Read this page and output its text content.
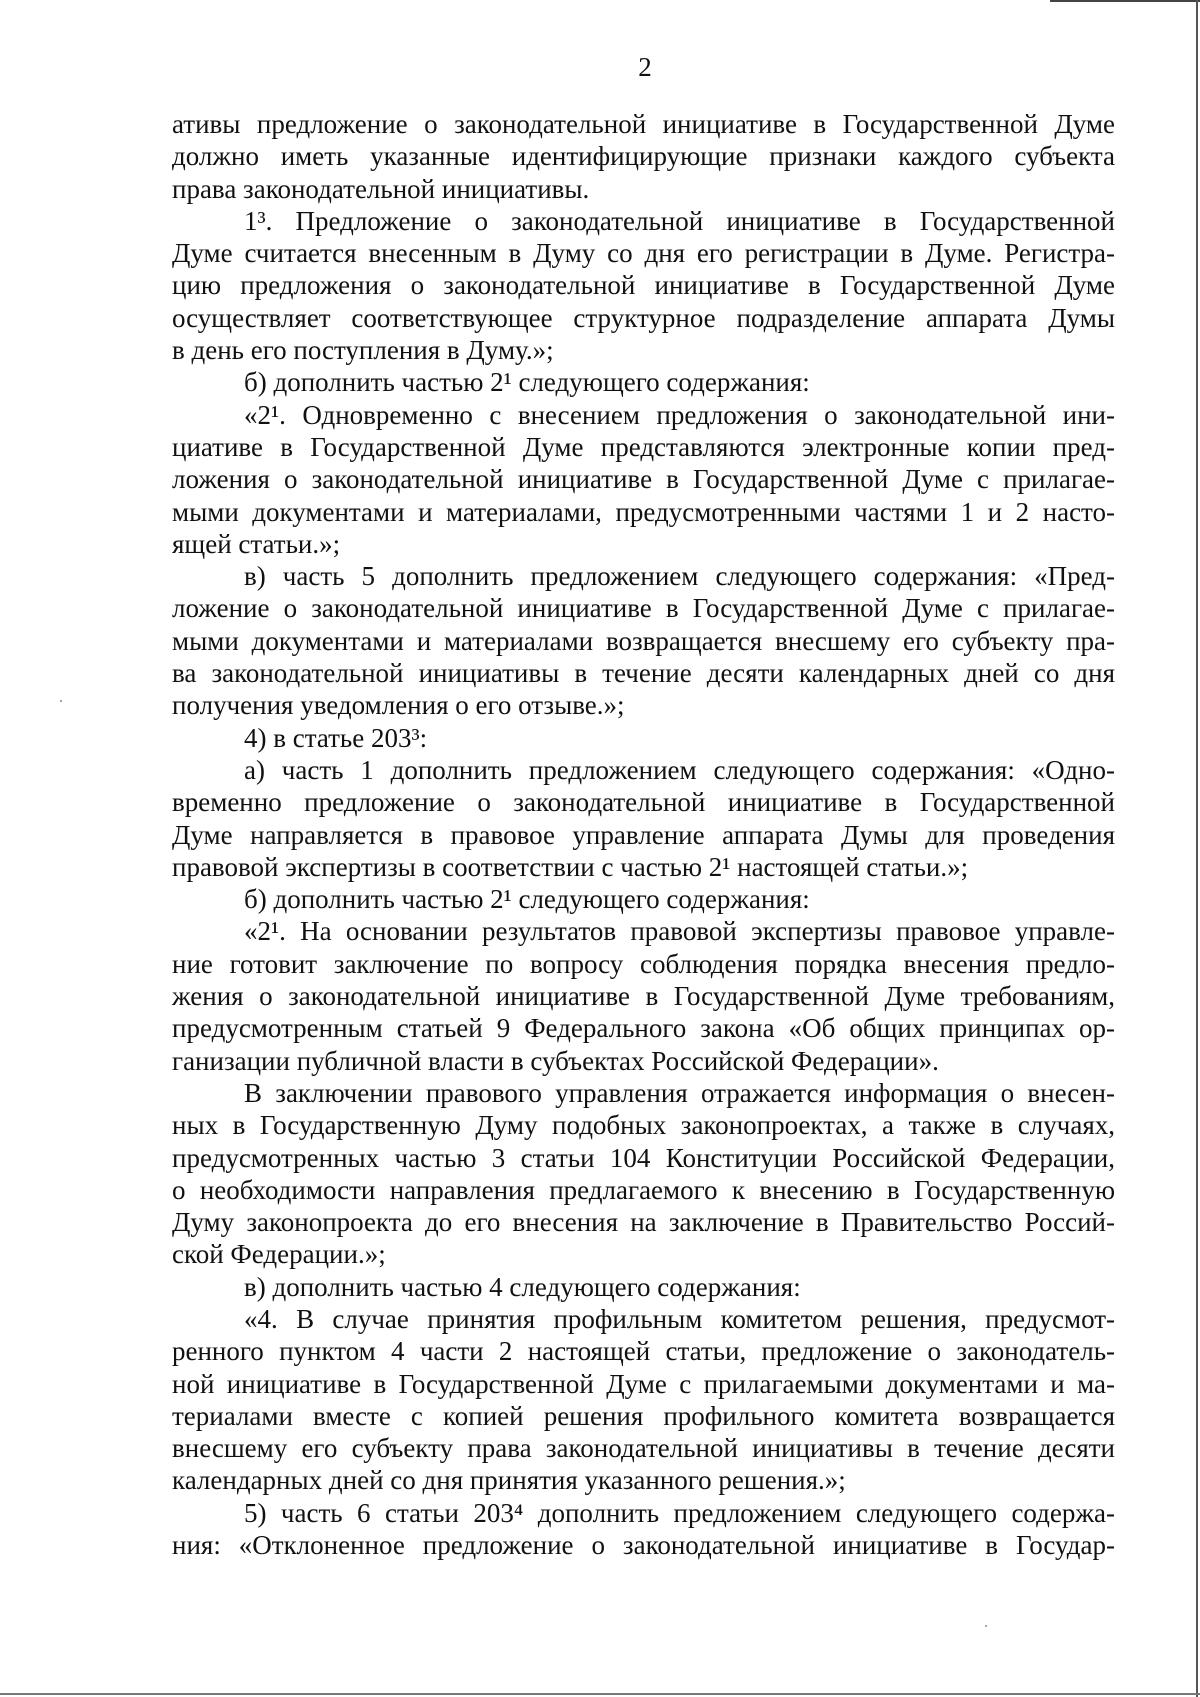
2
ативы предложение о законодательной инициативе в Государственной Думе
должно иметь указанные идентифицирующие признаки каждого субъекта
права законодательной инициативы.
1³. Предложение о законодательной инициативе в Государственной
Думе считается внесенным в Думу со дня его регистрации в Думе. Регистра-
цию предложения о законодательной инициативе в Государственной Думе
осуществляет соответствующее структурное подразделение аппарата Думы
в день его поступления в Думу.»;
б) дополнить частью 2¹ следующего содержания:
«2¹. Одновременно с внесением предложения о законодательной ини-
циативе в Государственной Думе представляются электронные копии пред-
ложения о законодательной инициативе в Государственной Думе с прилагае-
мыми документами и материалами, предусмотренными частями 1 и 2 насто-
ящей статьи.»;
в) часть 5 дополнить предложением следующего содержания: «Пред-
ложение о законодательной инициативе в Государственной Думе с прилагае-
мыми документами и материалами возвращается внесшему его субъекту пра-
ва законодательной инициативы в течение десяти календарных дней со дня
получения уведомления о его отзыве.»;
4) в статье 203³:
а) часть 1 дополнить предложением следующего содержания: «Одно-
временно предложение о законодательной инициативе в Государственной
Думе направляется в правовое управление аппарата Думы для проведения
правовой экспертизы в соответствии с частью 2¹ настоящей статьи.»;
б) дополнить частью 2¹ следующего содержания:
«2¹. На основании результатов правовой экспертизы правовое управле-
ние готовит заключение по вопросу соблюдения порядка внесения предло-
жения о законодательной инициативе в Государственной Думе требованиям,
предусмотренным статьей 9 Федерального закона «Об общих принципах ор-
ганизации публичной власти в субъектах Российской Федерации».
В заключении правового управления отражается информация о внесен-
ных в Государственную Думу подобных законопроектах, а также в случаях,
предусмотренных частью 3 статьи 104 Конституции Российской Федерации,
о необходимости направления предлагаемого к внесению в Государственную
Думу законопроекта до его внесения на заключение в Правительство Россий-
ской Федерации.»;
в) дополнить частью 4 следующего содержания:
«4. В случае принятия профильным комитетом решения, предусмот-
ренного пунктом 4 части 2 настоящей статьи, предложение о законодатель-
ной инициативе в Государственной Думе с прилагаемыми документами и ма-
териалами вместе с копией решения профильного комитета возвращается
внесшему его субъекту права законодательной инициативы в течение десяти
календарных дней со дня принятия указанного решения.»;
5) часть 6 статьи 203⁴ дополнить предложением следующего содержа-
ния: «Отклоненное предложение о законодательной инициативе в Государ-
